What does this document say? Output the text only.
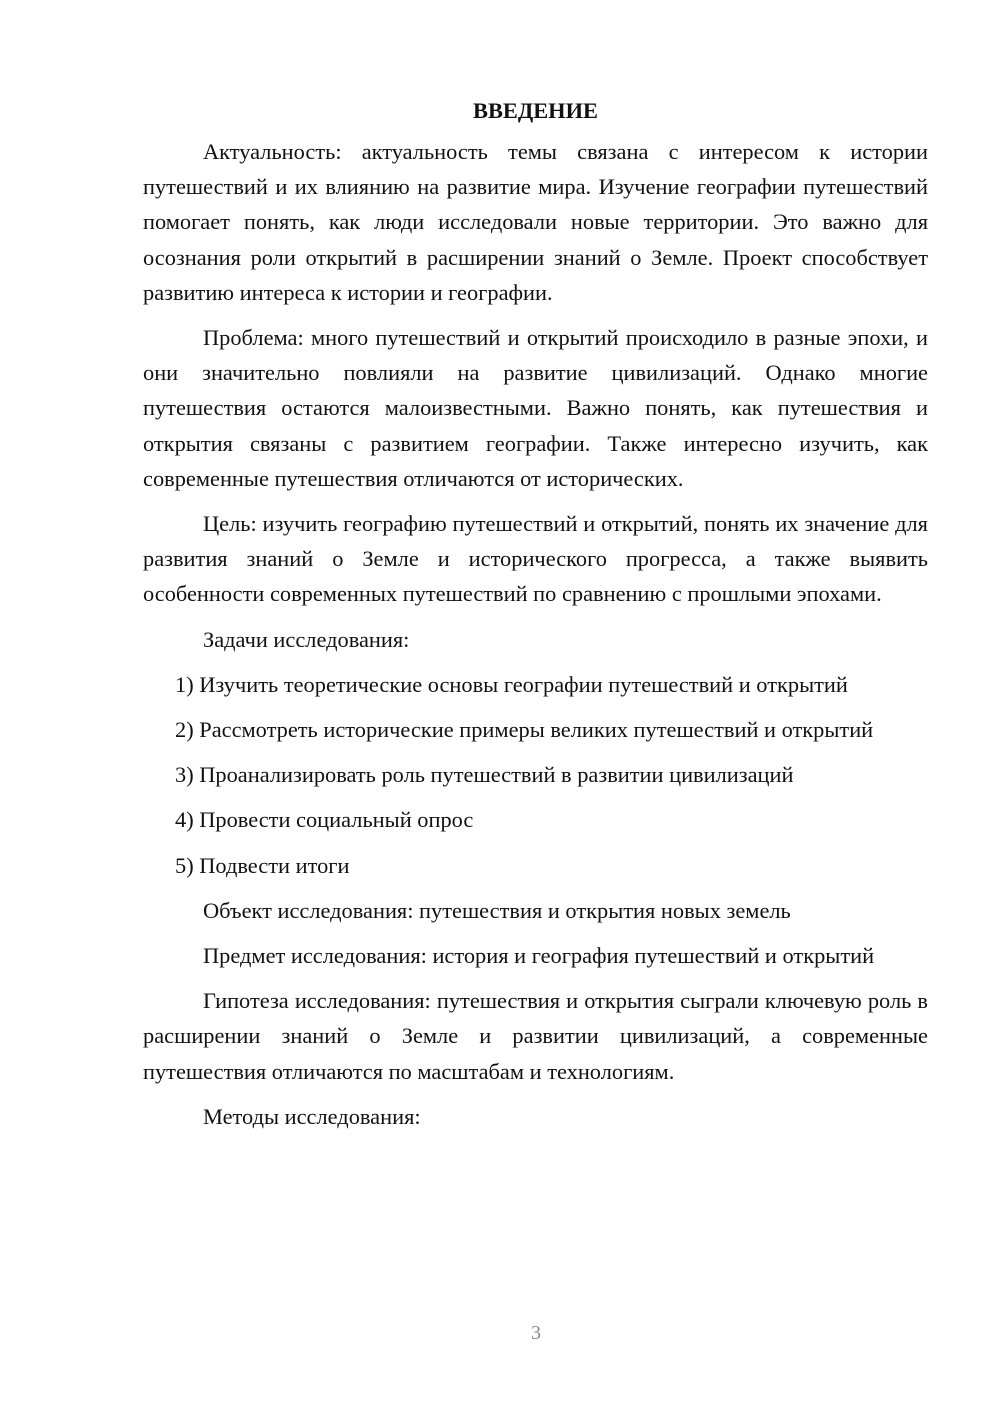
ВВЕДЕНИЕ

Актуальность: актуальность темы связана с интересом к истории путешествий и их влиянию на развитие мира. Изучение географии путешествий помогает понять, как люди исследовали новые территории. Это важно для осознания роли открытий в расширении знаний о Земле. Проект способствует развитию интереса к истории и географии.

Проблема: много путешествий и открытий происходило в разные эпохи, и они значительно повлияли на развитие цивилизаций. Однако многие путешествия остаются малоизвестными. Важно понять, как путешествия и открытия связаны с развитием географии. Также интересно изучить, как современные путешествия отличаются от исторических.

Цель: изучить географию путешествий и открытий, понять их значение для развития знаний о Земле и исторического прогресса, а также выявить особенности современных путешествий по сравнению с прошлыми эпохами.

Задачи исследования:

1) Изучить теоретические основы географии путешествий и открытий

2) Рассмотреть исторические примеры великих путешествий и открытий

3) Проанализировать роль путешествий в развитии цивилизаций

4) Провести социальный опрос

5) Подвести итоги

Объект исследования: путешествия и открытия новых земель

Предмет исследования: история и география путешествий и открытий

Гипотеза исследования: путешествия и открытия сыграли ключевую роль в расширении знаний о Земле и развитии цивилизаций, а современные путешествия отличаются по масштабам и технологиям.

Методы исследования:

3
